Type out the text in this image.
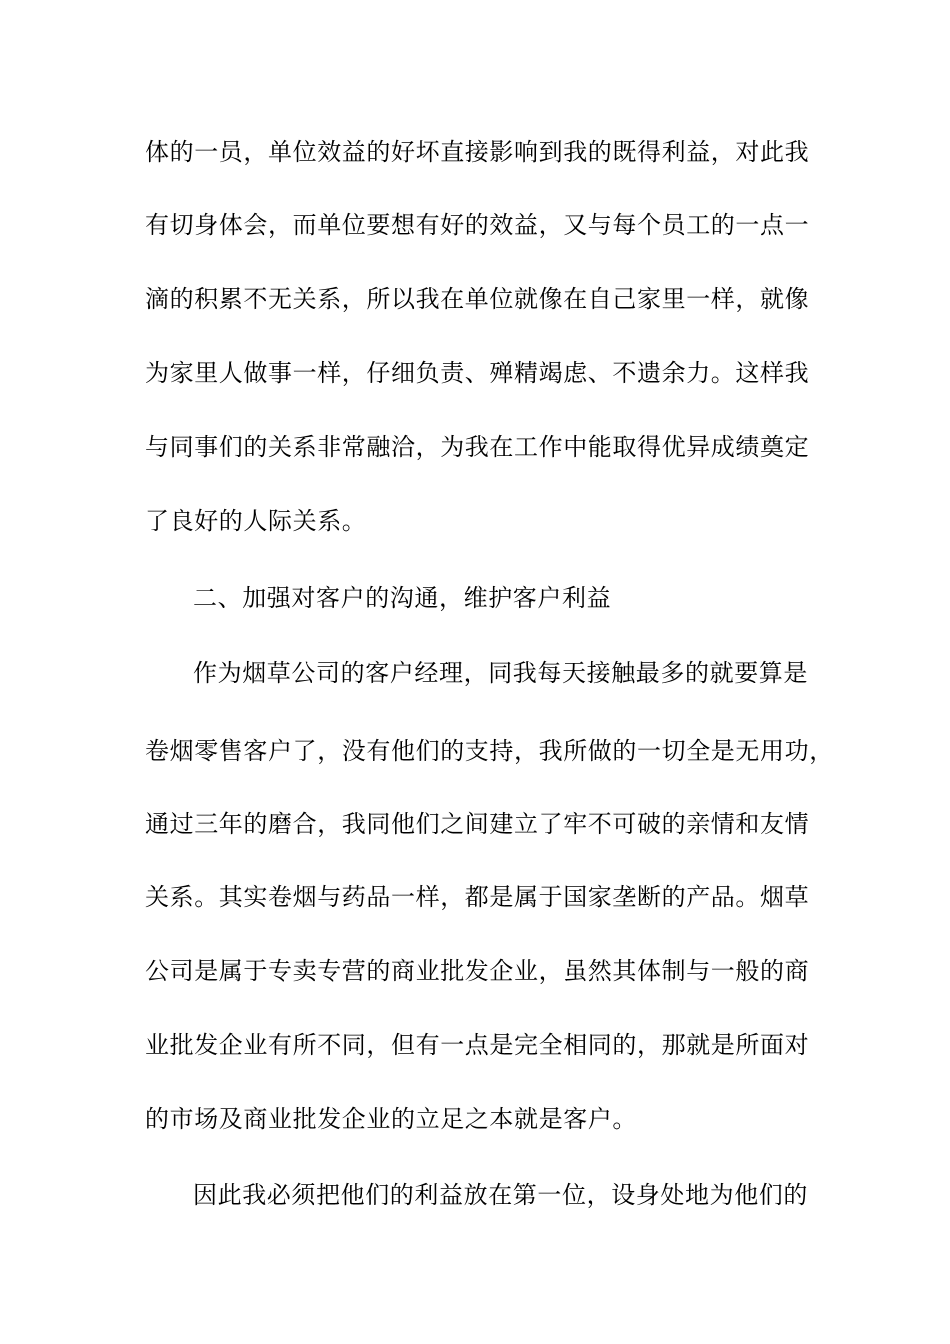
体的一员，单位效益的好坏直接影响到我的既得利益，对此我
有切身体会，而单位要想有好的效益，又与每个员工的一点一
滴的积累不无关系，所以我在单位就像在自己家里一样，就像
为家里人做事一样，仔细负责、殚精竭虑、不遗余力。这样我
与同事们的关系非常融洽，为我在工作中能取得优异成绩奠定
了良好的人际关系。
二、加强对客户的沟通，维护客户利益
作为烟草公司的客户经理，同我每天接触最多的就要算是
卷烟零售客户了，没有他们的支持，我所做的一切全是无用功，
通过三年的磨合，我同他们之间建立了牢不可破的亲情和友情
关系。其实卷烟与药品一样，都是属于国家垄断的产品。烟草
公司是属于专卖专营的商业批发企业，虽然其体制与一般的商
业批发企业有所不同，但有一点是完全相同的，那就是所面对
的市场及商业批发企业的立足之本就是客户。
因此我必须把他们的利益放在第一位，设身处地为他们的
